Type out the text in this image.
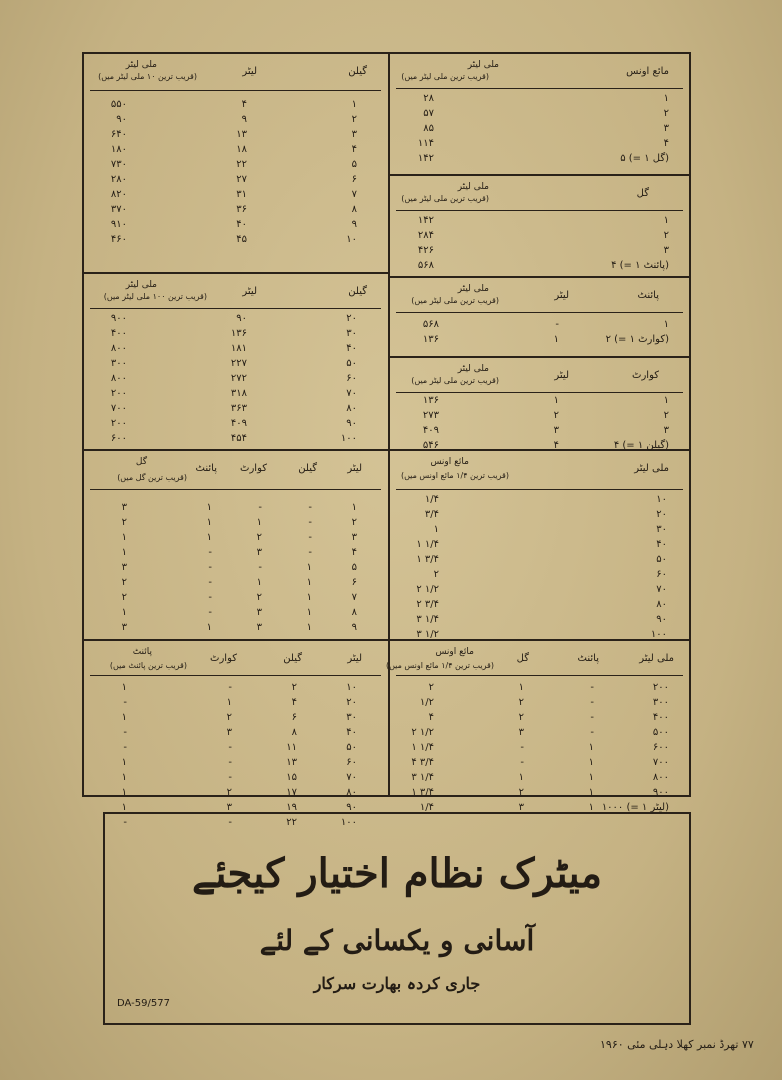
مائع اونس
ملی لیٹر
(قریب ترین ملی لیٹر میں)
۱
۲۸
۲
۵۷
۳
۸۵
۴
۱۱۴
۵ (= ۱ گل)
۱۴۲
گل
ملی لیٹر
(قریب ترین ملی لیٹر میں)
۱
۱۴۲
۲
۲۸۴
۳
۴۲۶
۴ (= ۱ پائنٹ)
۵۶۸
پائنٹ
لیٹر
ملی لیٹر
(قریب ترین ملی لیٹر میں)
۱
-
۵۶۸
۲ (= ۱ کوارٹ)
۱
۱۳۶
کوارٹ
لیٹر
ملی لیٹر
(قریب ترین ملی لیٹر میں)
۱
۱
۱۳۶
۲
۲
۲۷۳
۳
۳
۴۰۹
۴ (= ۱ گیلن)
۴
۵۴۶
گیلن
لیٹر
ملی لیٹر
(قریب ترین ۱۰ ملی لیٹر میں)
۱
۴
۵۵۰
۲
۹
۹۰
۳
۱۳
۶۴۰
۴
۱۸
۱۸۰
۵
۲۲
۷۳۰
۶
۲۷
۲۸۰
۷
۳۱
۸۲۰
۸
۳۶
۳۷۰
۹
۴۰
۹۱۰
۱۰
۴۵
۴۶۰
گیلن
لیٹر
ملی لیٹر
(قریب ترین ۱۰۰ ملی لیٹر میں)
۲۰
۹۰
۹۰۰
۳۰
۱۳۶
۴۰۰
۴۰
۱۸۱
۸۰۰
۵۰
۲۲۷
۳۰۰
۶۰
۲۷۲
۸۰۰
۷۰
۳۱۸
۲۰۰
۸۰
۳۶۳
۷۰۰
۹۰
۴۰۹
۲۰۰
۱۰۰
۴۵۴
۶۰۰
ملی لیٹر
مائع اونس
(قریب ترین ۱/۴ مائع اونس میں)
۱۰
۱/۴
۲۰
۳/۴
۳۰
۱
۴۰
۱ ۱/۴
۵۰
۱ ۳/۴
۶۰
۲
۷۰
۲ ۱/۲
۸۰
۲ ۳/۴
۹۰
۳ ۱/۴
۱۰۰
۳ ۱/۲
لیٹر
گیلن
کوارٹ
پائنٹ
گل
(قریب ترین گل میں)
۱
-
-
۱
۳
۲
-
۱
۱
۲
۳
-
۲
۱
۱
۴
-
۳
-
۱
۵
۱
-
-
۳
۶
۱
۱
-
۲
۷
۱
۲
-
۲
۸
۱
۳
-
۱
۹
۱
۳
۱
۳
ملی لیٹر
پائنٹ
گل
مائع اونس
(قریب ترین ۱/۴ مائع اونس میں)
۲۰۰
-
۱
۲
۳۰۰
-
۲
۱/۲
۴۰۰
-
۲
۴
۵۰۰
-
۳
۲ ۱/۲
۶۰۰
۱
-
۱ ۱/۴
۷۰۰
۱
-
۴ ۳/۴
۸۰۰
۱
۱
۳ ۱/۴
۹۰۰
۱
۲
۱ ۳/۴
۱۰۰۰ (= ۱ لیٹر)
۱
۳
۱/۴
لیٹر
گیلن
کوارٹ
پائنٹ
(قریب ترین پائنٹ میں)
۱۰
۲
-
۱
۲۰
۴
۱
-
۳۰
۶
۲
۱
۴۰
۸
۳
-
۵۰
۱۱
-
-
۶۰
۱۳
-
۱
۷۰
۱۵
-
۱
۸۰
۱۷
۲
۱
۹۰
۱۹
۳
۱
۱۰۰
۲۲
-
-
میٹرک نظام اختیار کیجئے
آسانی و یکسانی کے لئے
جاری کردہ بھارت سرکار
DA-59/577
۷۷ تھرڈ نمبر کھلا دہلی مئی ۱۹۶۰
